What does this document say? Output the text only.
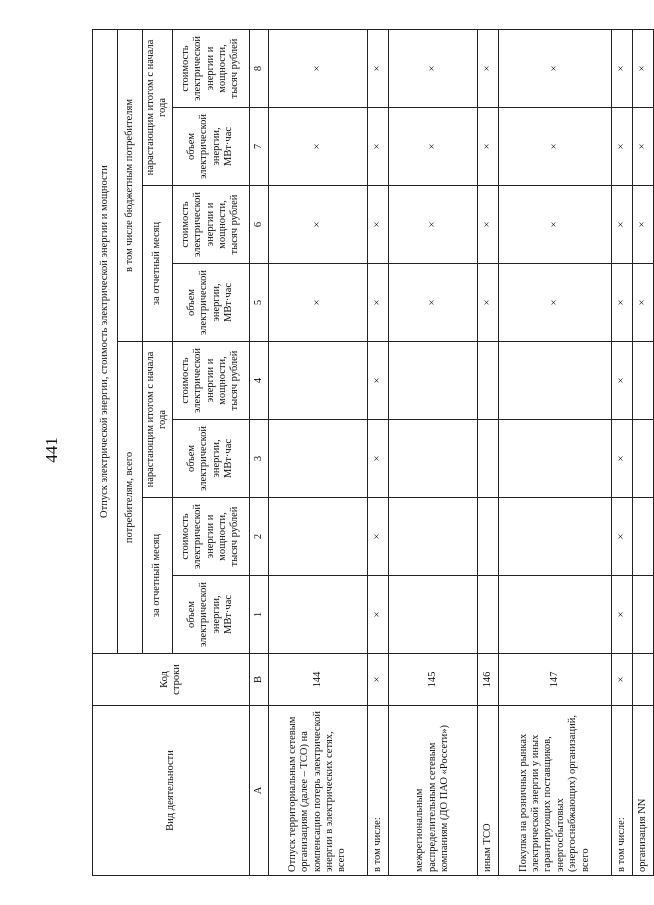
441
Вид деятельности	Код строки	Отпуск электрической энергии, стоимость электрической энергии и мощности							
		потребителям, всего				в том числе бюджетным потребителям			
		за отчетный месяц		нарастающим итогом с начала года		за отчетный месяц		нарастающим итогом с начала года	
		объем электрической энергии, МВт·час	стоимость электрической энергии и мощности, тысяч рублей	объем электрической энергии, МВт·час	стоимость электрической энергии и мощности, тысяч рублей	объем электрической энергии, МВт·час	стоимость электрической энергии и мощности, тысяч рублей	объем электрической энергии, МВт·час	стоимость электрической энергии и мощности, тысяч рублей
А	В	1	2	3	4	5	6	7	8
Отпуск территориальным сетевым организациям (далее – ТСО) на компенсацию потерь электрической энергии в электрических сетях, всего	144					×	×	×	×
в том числе:	×	×	×	×	×	×	×	×	×
межрегиональным распределительным сетевым компаниям (ДО ПАО «Россети»)	145					×	×	×	×
иным ТСО	146					×	×	×	×
Покупка на розничных рынках электрической энергии у иных гарантирующих поставщиков, энергосбытовых (энергоснабжающих) организаций, всего	147					×	×	×	×
в том числе:	×	×	×	×	×	×	×	×	×
организация NN						×	×	×	×
